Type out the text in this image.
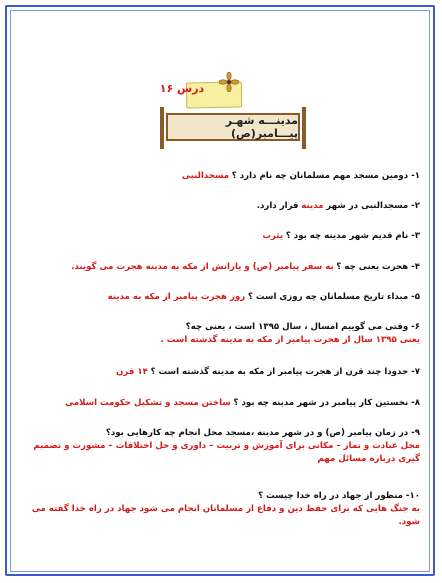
درس ۱۶
مدینـــه شهـر پیـــامبر(ص)
۱- دومین مسجد مهم مسلمانان چه نام دارد ؟ مسجدالنبی
۲- مسجدالنبی در شهر مدینه قرار دارد.
۳- نام قدیم شهر مدینه چه بود ؟ یثرب
۴- هجرت یعنی چه ؟ به سفر پیامبر (ص) و یارانش از مکه به مدینه هجرت می گویند.
۵- مبداء تاریخ مسلمانان چه روزی است ؟ روز هجرت پیامبر از مکه به مدینه
۶- وقتی می گوییم امسال ، سال ۱۳۹۵ است ، یعنی چه؟
یعنی ۱۳۹۵ سال از هجرت پیامبر از مکه به مدینه گذشته است .
۷- حدودا چند قرن از هجرت پیامبر از مکه به مدینه گذشته است ؟ ۱۴ قرن
۸- نخستین کار پیامبر در شهر مدینه چه بود ؟ ساختن مسجد و تشکیل حکومت اسلامی
۹- در زمان پیامبر (ص) و در شهر مدینه ،مسجد محل انجام چه کارهایی بود؟
محل عبادت و نماز – مکانی برای آموزش و تربیت – داوری و حل اختلافات – مشورت و تصمیم گیری درباره مسائل مهم
۱۰- منظور از جهاد در راه خدا چیست ؟
به جنگ هایی که برای حفظ دین و دفاع از مسلمانان انجام می شود جهاد در راه خدا گفته می شود.
